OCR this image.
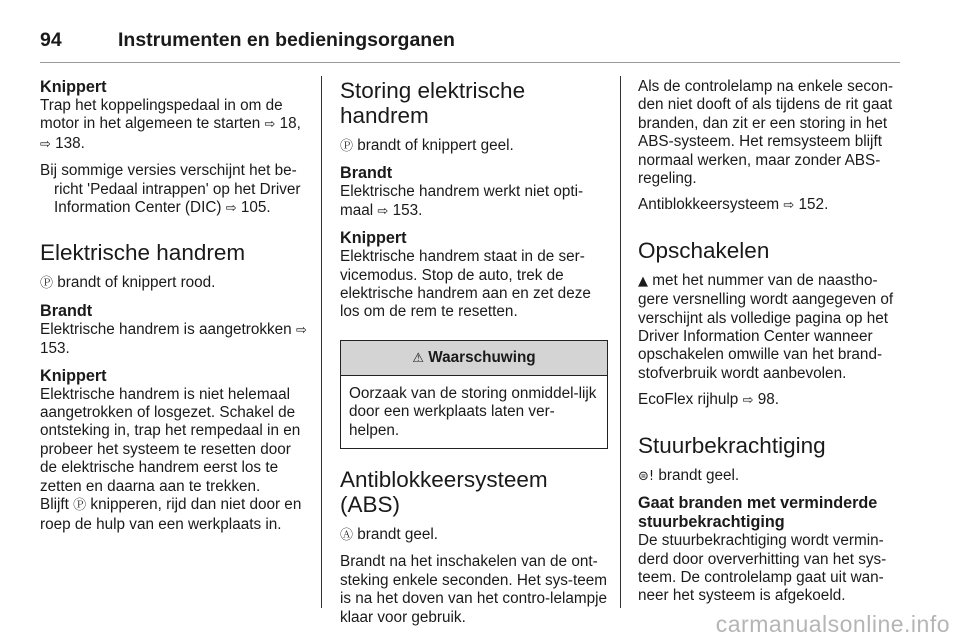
94	Instrumenten en bedieningsorganen
Knippert

Trap het koppelingspedaal in om de motor in het algemeen te starten ⇨ 18, ⇨ 138.

Bij sommige versies verschijnt het be-richt 'Pedaal intrappen' op het Driver Information Center (DIC) ⇨ 105.

Elektrische handrem

Ⓟ brandt of knippert rood.

Brandt

Elektrische handrem is aangetrokken ⇨ 153.

Knippert

Elektrische handrem is niet helemaal aangetrokken of losgezet. Schakel de ontsteking in, trap het rempedaal in en probeer het systeem te resetten door de elektrische handrem eerst los te zetten en daarna aan te trekken.

Blijft Ⓟ knipperen, rijd dan niet door en roep de hulp van een werkplaats in.

Storing elektrische handrem

Ⓟ brandt of knippert geel.

Brandt

Elektrische handrem werkt niet opti-maal ⇨ 153.

Knippert

Elektrische handrem staat in de ser-vicemodus. Stop de auto, trek de elektrische handrem aan en zet deze los om de rem te resetten.

⚠ Waarschuwing
Oorzaak van de storing onmiddel-lijk door een werkplaats laten ver-helpen.
Antiblokkeersysteem (ABS)

Ⓐ brandt geel.

Brandt na het inschakelen van de ont-steking enkele seconden. Het sys-teem is na het doven van het contro-lelampje klaar voor gebruik.

Als de controlelamp na enkele secon-den niet dooft of als tijdens de rit gaat branden, dan zit er een storing in het ABS-systeem. Het remsysteem blijft normaal werken, maar zonder ABS-regeling.

Antiblokkeersysteem ⇨ 152.

Opschakelen

▲ met het nummer van de naastho-gere versnelling wordt aangegeven of verschijnt als volledige pagina op het Driver Information Center wanneer opschakelen omwille van het brand-stofverbruik wordt aanbevolen.

EcoFlex rijhulp ⇨ 98.

Stuurbekrachtiging

⊜! brandt geel.

Gaat branden met verminderde stuurbekrachtiging

De stuurbekrachtiging wordt vermin-derd door oververhitting van het sys-teem. De controlelamp gaat uit wan-neer het systeem is afgekoeld.

carmanualsonline.info
